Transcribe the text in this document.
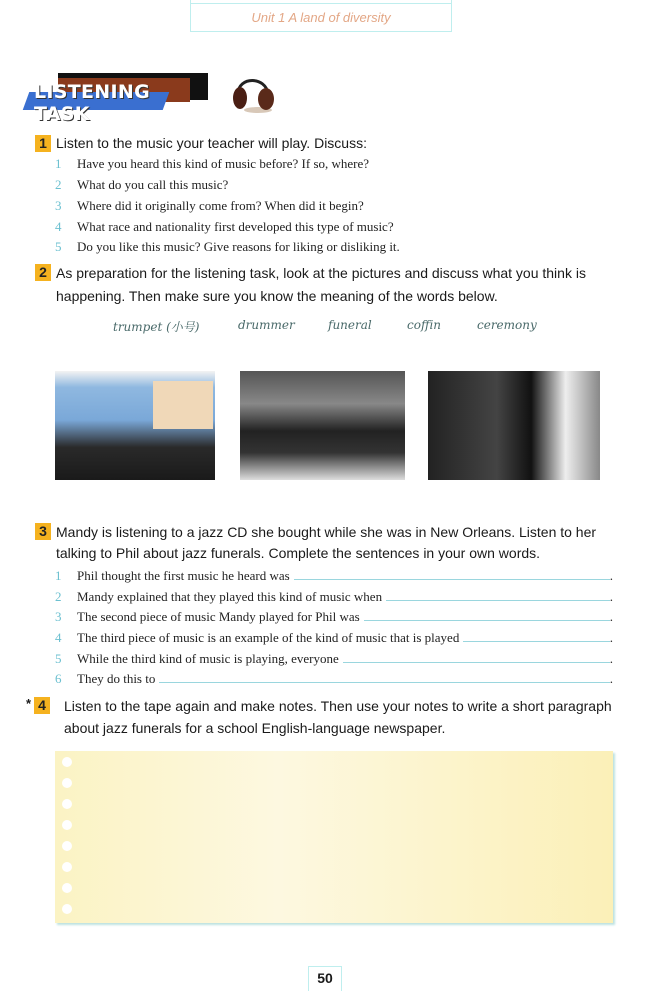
Unit 1 A land of diversity
LISTENING TASK
1 Listen to the music your teacher will play. Discuss:
1	Have you heard this kind of music before? If so, where?
2	What do you call this music?
3	Where did it originally come from? When did it begin?
4	What race and nationality first developed this type of music?
5	Do you like this music? Give reasons for liking or disliking it.
2 As preparation for the listening task, look at the pictures and discuss what you think is
happening. Then make sure you know the meaning of the words below.
trumpet (小号)	drummer	funeral	coffin	ceremony
3 Mandy is listening to a jazz CD she bought while she was in New Orleans. Listen to her
talking to Phil about jazz funerals. Complete the sentences in your own words.
1	Phil thought the first music he heard was	.
2	Mandy explained that they played this kind of music when	.
3	The second piece of music Mandy played for Phil was	.
4	The third piece of music is an example of the kind of music that is played	.
5	While the third kind of music is playing, everyone	.
6	They do this to	.
* 4 Listen to the tape again and make notes. Then use your notes to write a short paragraph
about jazz funerals for a school English-language newspaper.
50
